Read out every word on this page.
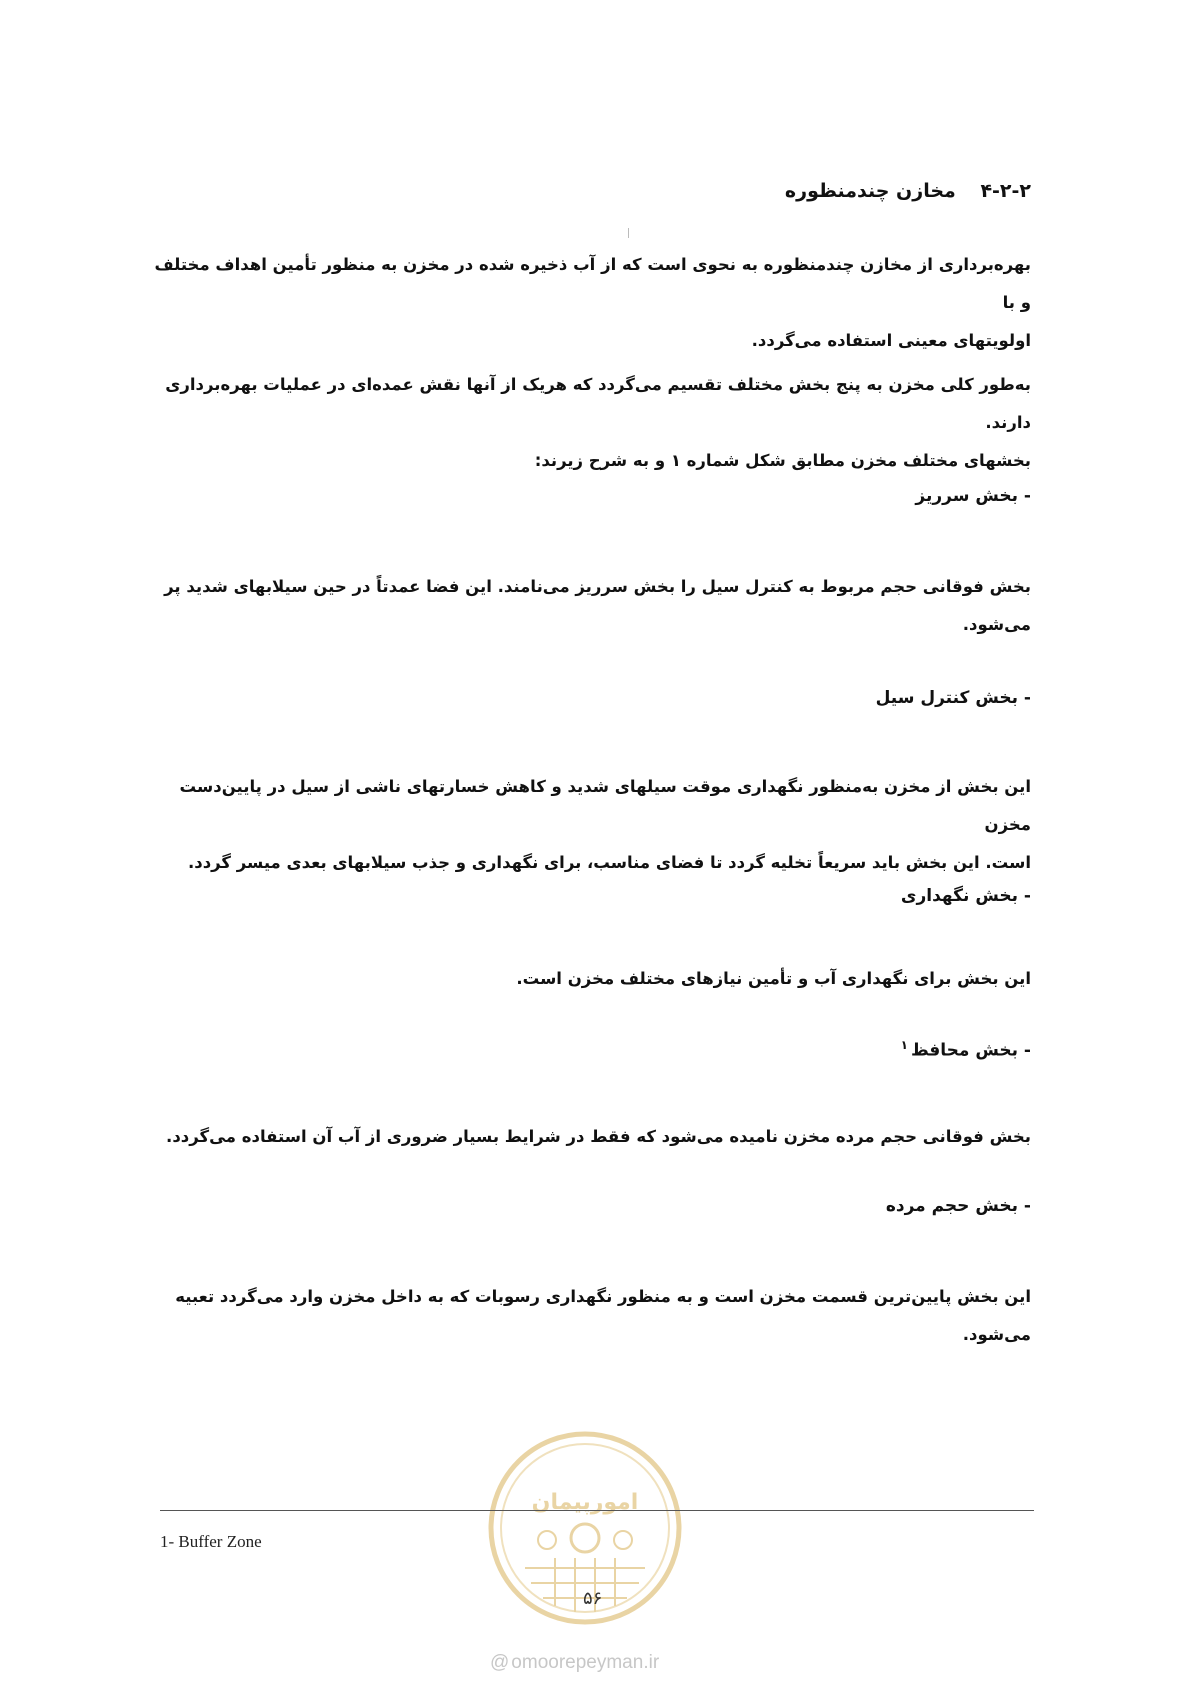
۴-۲-۲ مخازن چندمنظوره

بهره‌برداری از مخازن چندمنظوره به نحوی است که از آب ذخیره شده در مخزن به منظور تأمین اهداف مختلف و با

اولویتهای معینی استفاده می‌گردد.

به‌طور کلی مخزن به پنج بخش مختلف تقسیم می‌گردد که هریک از آنها نقش عمده‌ای در عملیات بهره‌برداری دارند.

بخشهای مختلف مخزن مطابق شکل شماره ۱ و به شرح زیرند:

- بخش سرریز

بخش فوقانی حجم مربوط به کنترل سیل را بخش سرریز می‌نامند. این فضا عمدتاً در حین سیلابهای شدید پر

می‌شود.

- بخش کنترل سیل

این بخش از مخزن به‌منظور نگهداری موقت سیلهای شدید و کاهش خسارتهای ناشی از سیل در پایین‌دست مخزن

است. این بخش باید سریعاً تخلیه گردد تا فضای مناسب، برای نگهداری و جذب سیلابهای بعدی میسر گردد.

- بخش نگهداری

این بخش برای نگهداری آب و تأمین نیازهای مختلف مخزن است.

- بخش محافظ$^۱$

بخش فوقانی حجم مرده مخزن نامیده می‌شود که فقط در شرایط بسیار ضروری از آب آن استفاده می‌گردد.

- بخش حجم مرده

این بخش پایین‌ترین قسمت مخزن است و به منظور نگهداری رسوبات که به داخل مخزن وارد می‌گردد تعبیه

می‌شود.

امورپیمان
1- Buffer Zone
۵۶
@ omoorepeyman.ir
